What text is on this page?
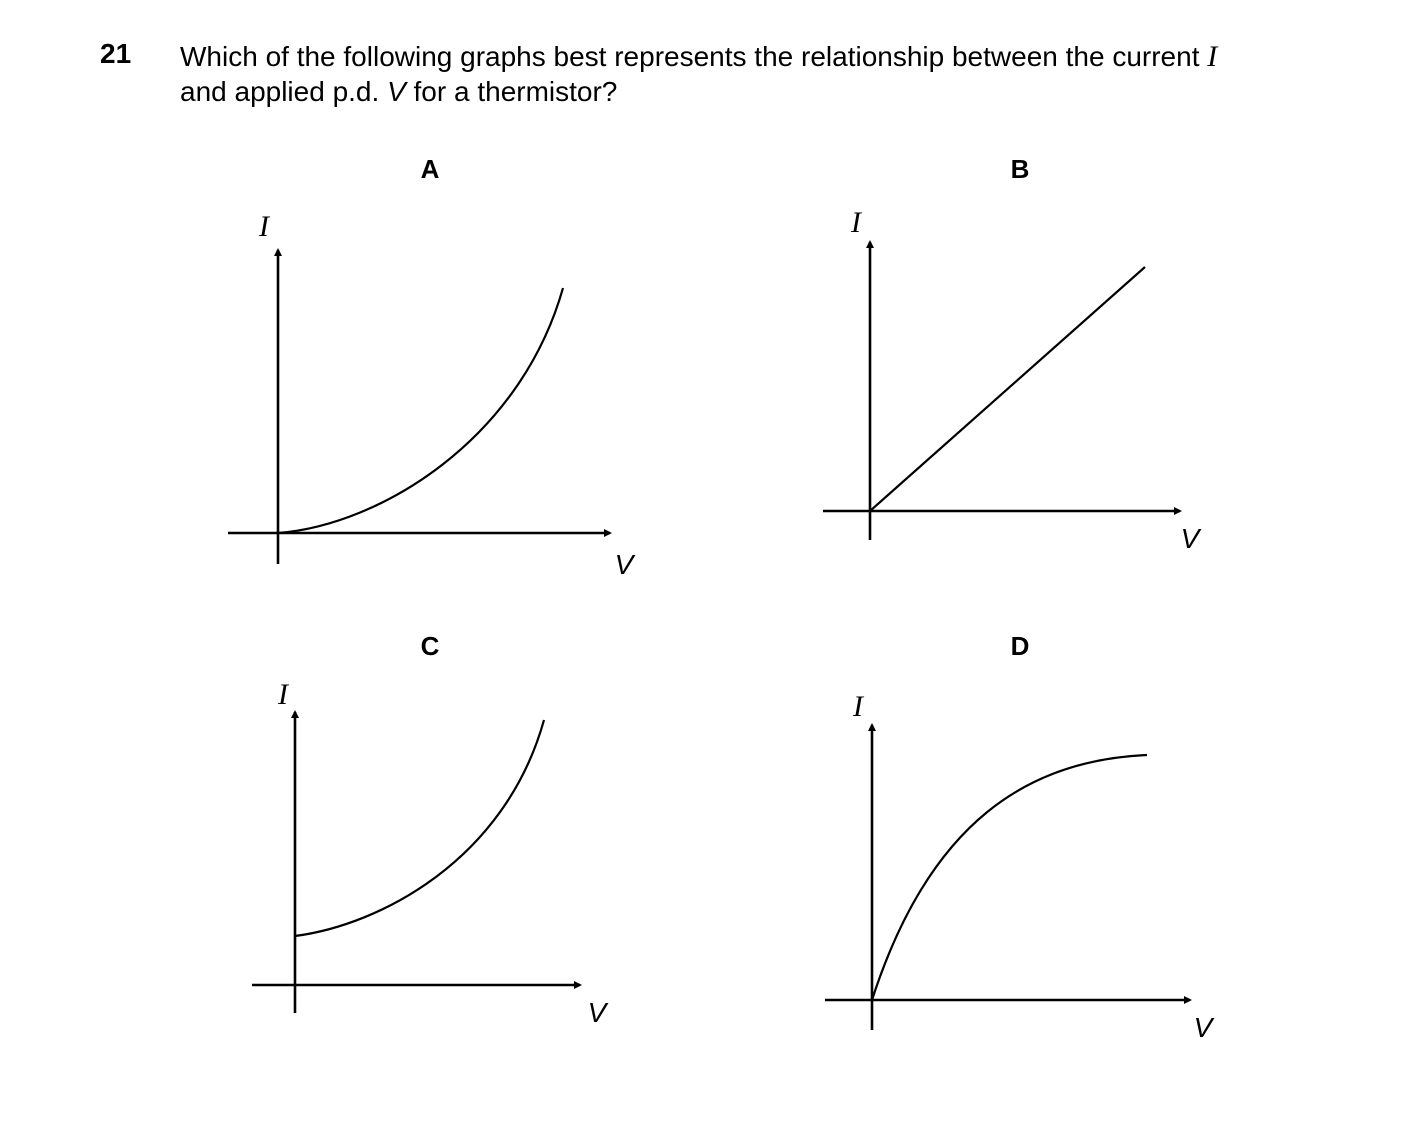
21 Which of the following graphs best represents the relationship between the current I
and applied p.d. V for a thermistor?
A
I
V
B
I
V
C
I
V
D
I
V
